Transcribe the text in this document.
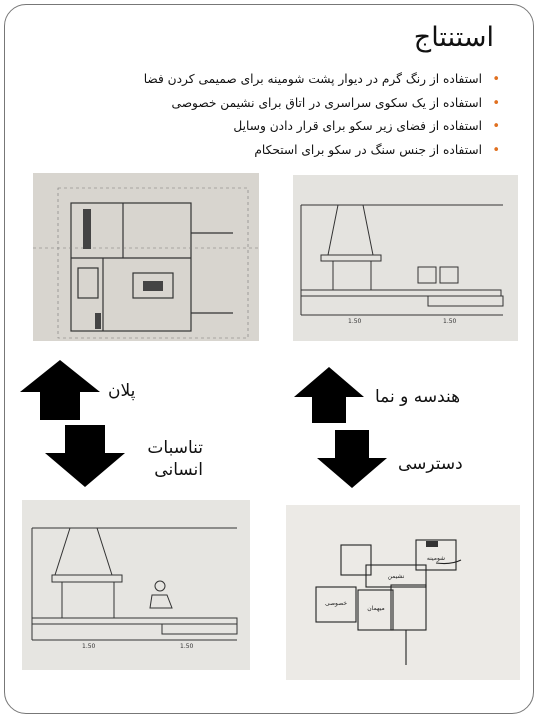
استنتاج
•
استفاده از رنگ گرم در دیوار پشت شومینه برای صمیمی کردن فضا
•
استفاده از یک سکوی سراسری در اتاق برای نشیمن خصوصی
•
استفاده از فضای زیر سکو برای قرار دادن وسایل
•
استفاده از جنس سنگ در سکو برای استحکام
1.50	1.50
پلان
تناسبات
انسانی
هندسه و نما
دسترسی
1.50	1.50
خصوصی
میهمان
شومینه
نشیمن
